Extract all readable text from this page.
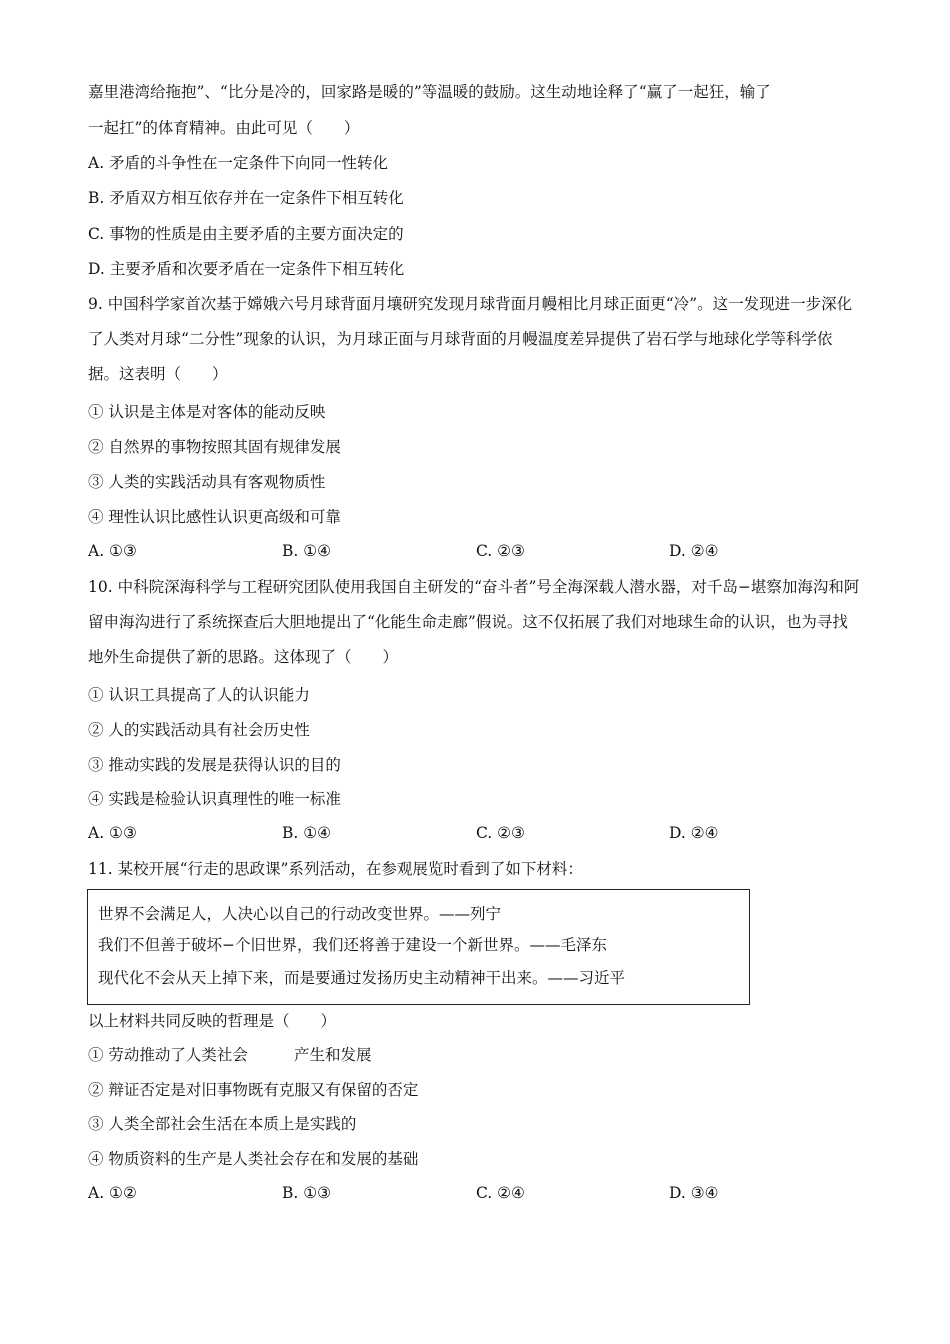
嘉里港湾给拖抱”、“比分是冷的，回家路是暖的”等温暖的鼓励。这生动地诠释了“赢了一起狂，输了
一起扛”的体育精神。由此可见（　　）
A. 矛盾的斗争性在一定条件下向同一性转化
B. 矛盾双方相互依存并在一定条件下相互转化
C. 事物的性质是由主要矛盾的主要方面决定的
D. 主要矛盾和次要矛盾在一定条件下相互转化
9. 中国科学家首次基于嫦娥六号月球背面月壤研究发现月球背面月幔相比月球正面更“冷”。这一发现进一步深化了人类对月球“二分性”现象的认识，为月球正面与月球背面的月幔温度差异提供了岩石学与地球化学等科学依据。这表明（　　）
① 认识是主体是对客体的能动反映
② 自然界的事物按照其固有规律发展
③ 人类的实践活动具有客观物质性
④ 理性认识比感性认识更高级和可靠
A. ①③	B. ①④	C. ②③	D. ②④
10. 中科院深海科学与工程研究团队使用我国自主研发的“奋斗者”号全海深载人潜水器，对千岛−堪察加海沟和阿留申海沟进行了系统探查后大胆地提出了“化能生命走廊”假说。这不仅拓展了我们对地球生命的认识，也为寻找地外生命提供了新的思路。这体现了（　　）
① 认识工具提高了人的认识能力
② 人的实践活动具有社会历史性
③ 推动实践的发展是获得认识的目的
④ 实践是检验认识真理性的唯一标准
A. ①③	B. ①④	C. ②③	D. ②④
11. 某校开展“行走的思政课”系列活动，在参观展览时看到了如下材料：
世界不会满足人，人决心以自己的行动改变世界。——列宁
我们不但善于破坏−个旧世界，我们还将善于建设一个新世界。——毛泽东
现代化不会从天上掉下来，而是要通过发扬历史主动精神干出来。——习近平
以上材料共同反映的哲理是（　　）
① 劳动推动了人类社会	产生和发展
② 辩证否定是对旧事物既有克服又有保留的否定
③ 人类全部社会生活在本质上是实践的
④ 物质资料的生产是人类社会存在和发展的基础
A. ①②	B. ①③	C. ②④	D. ③④
